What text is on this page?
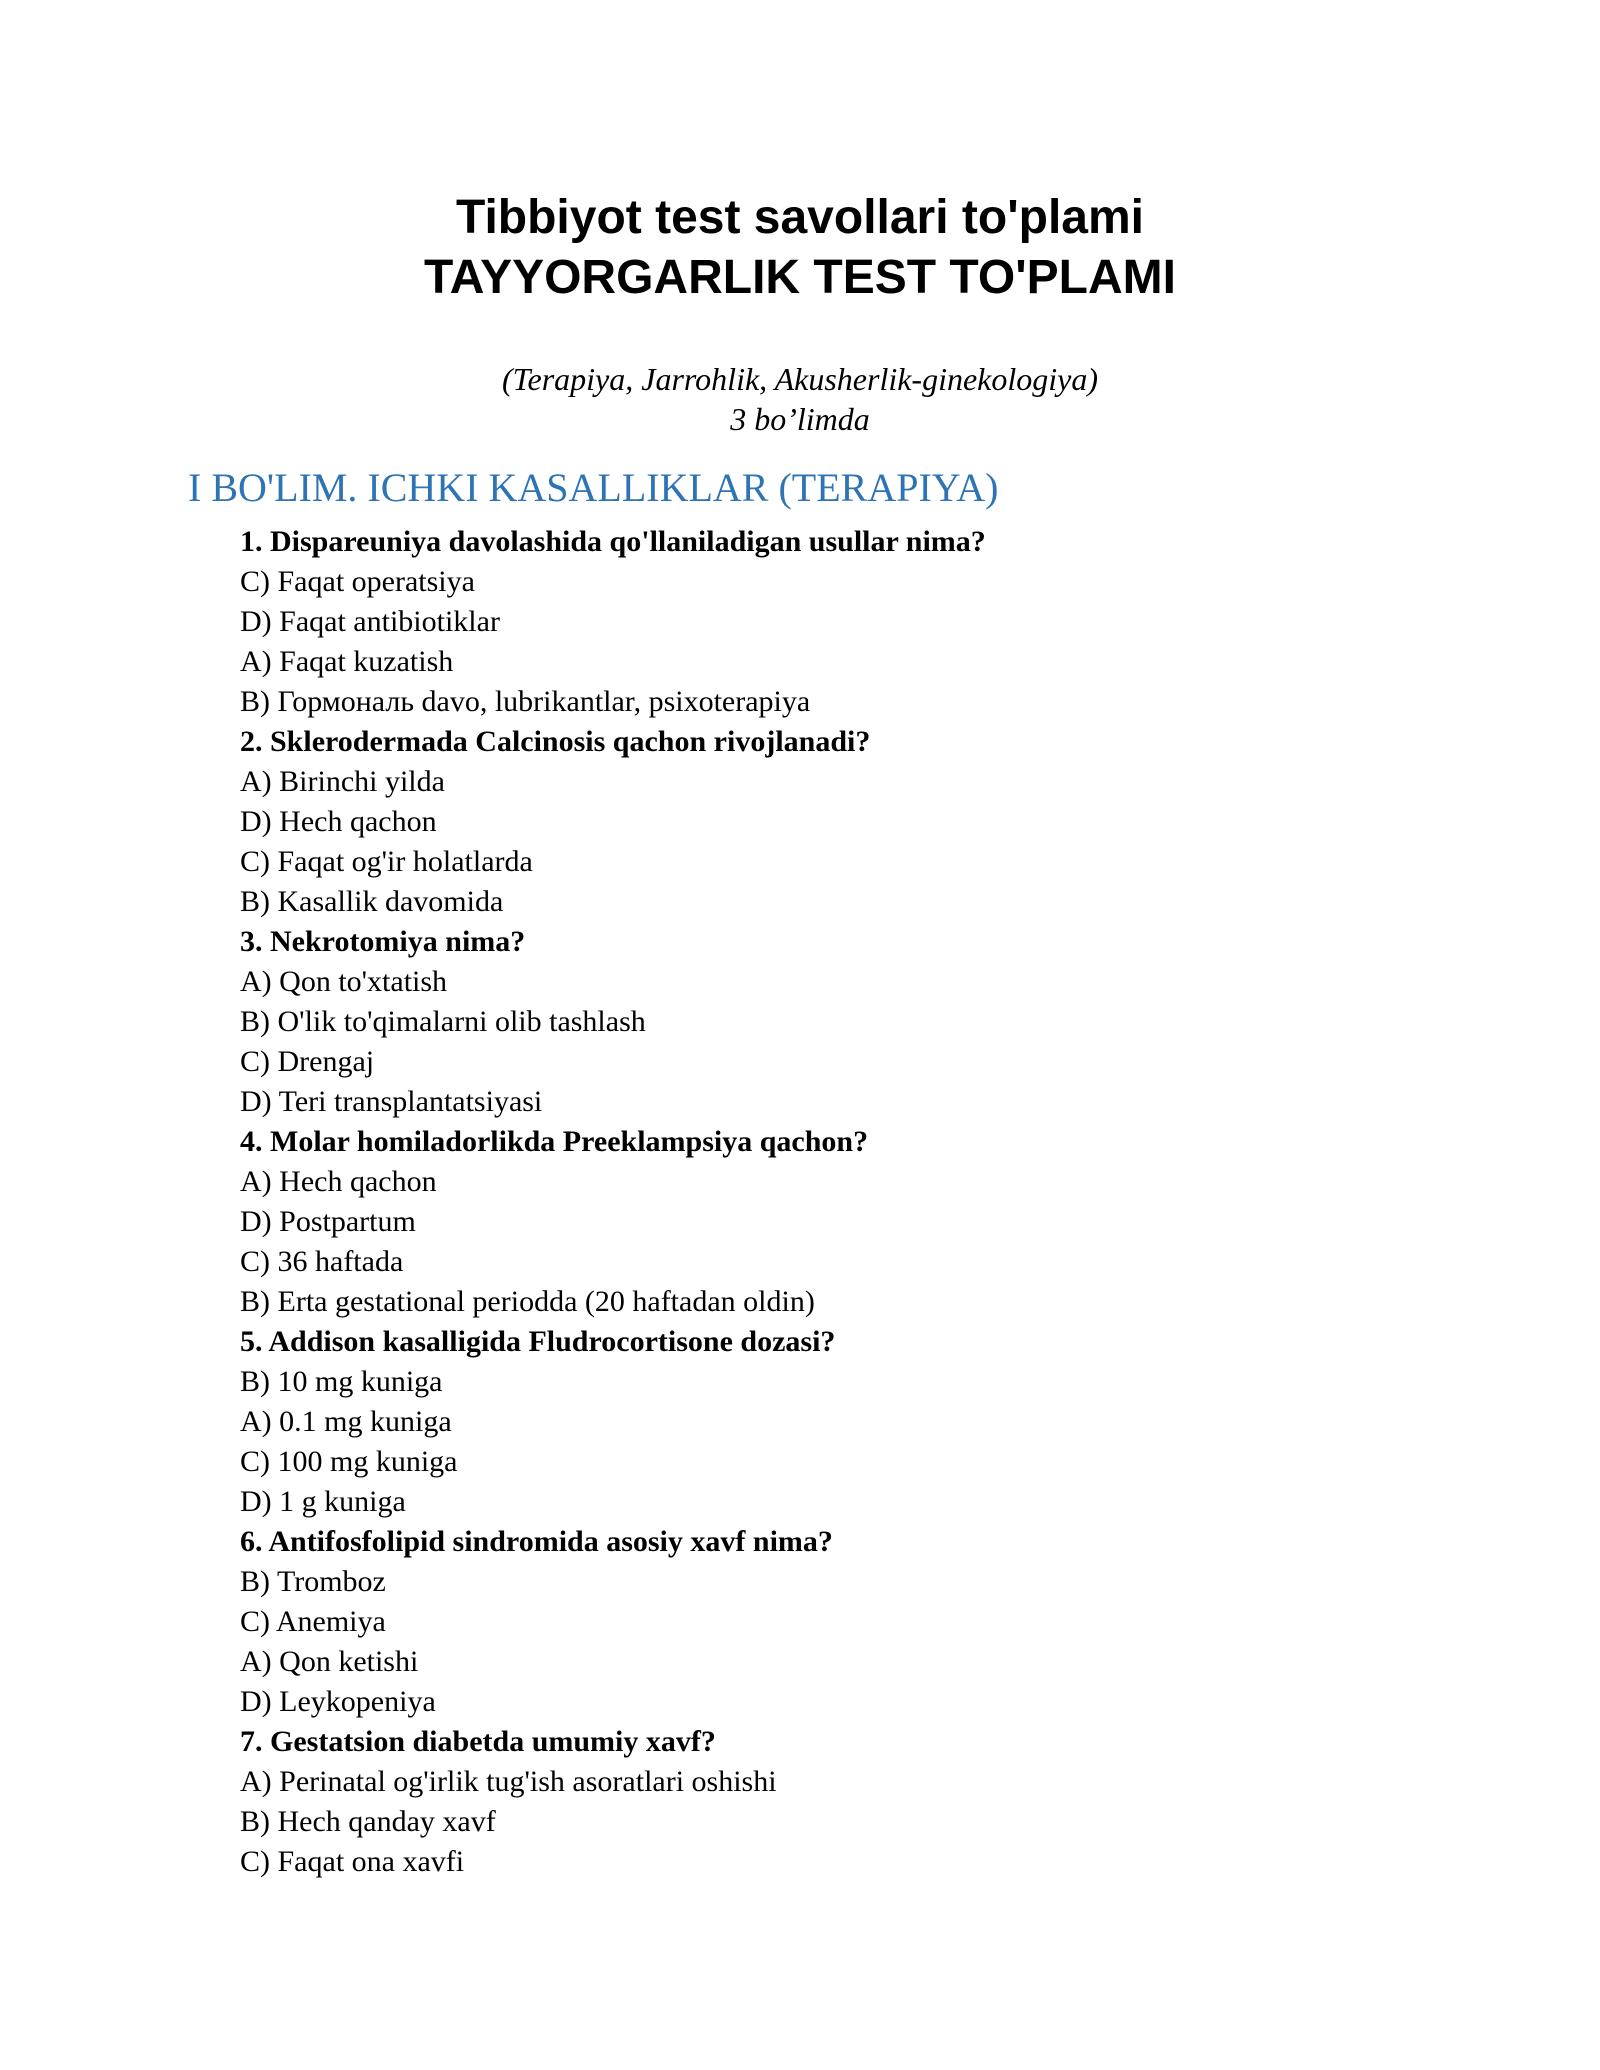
Tibbiyot test savollari to'plami

TAYYORGARLIK TEST TO'PLAMI

(Terapiya, Jarrohlik, Akusherlik-ginekologiya)

3 bo’limda

I BO'LIM. ICHKI KASALLIKLAR (TERAPIYA)

1. Dispareuniya davolashida qo'llaniladigan usullar nima?

C) Faqat operatsiya

D) Faqat antibiotiklar

A) Faqat kuzatish

B) Гормональ davo, lubrikantlar, psixoterapiya

2. Sklerodermada Calcinosis qachon rivojlanadi?

A) Birinchi yilda

D) Hech qachon

C) Faqat og'ir holatlarda

B) Kasallik davomida

3. Nekrotomiya nima?

A) Qon to'xtatish

B) O'lik to'qimalarni olib tashlash

C) Drengaj

D) Teri transplantatsiyasi

4. Molar homiladorlikda Preeklampsiya qachon?

A) Hech qachon

D) Postpartum

C) 36 haftada

B) Erta gestational periodda (20 haftadan oldin)

5. Addison kasalligida Fludrocortisone dozasi?

B) 10 mg kuniga

A) 0.1 mg kuniga

C) 100 mg kuniga

D) 1 g kuniga

6. Antifosfolipid sindromida asosiy xavf nima?

B) Tromboz

C) Anemiya

A) Qon ketishi

D) Leykopeniya

7. Gestatsion diabetda umumiy xavf?

A) Perinatal og'irlik tug'ish asoratlari oshishi

B) Hech qanday xavf

C) Faqat ona xavfi
